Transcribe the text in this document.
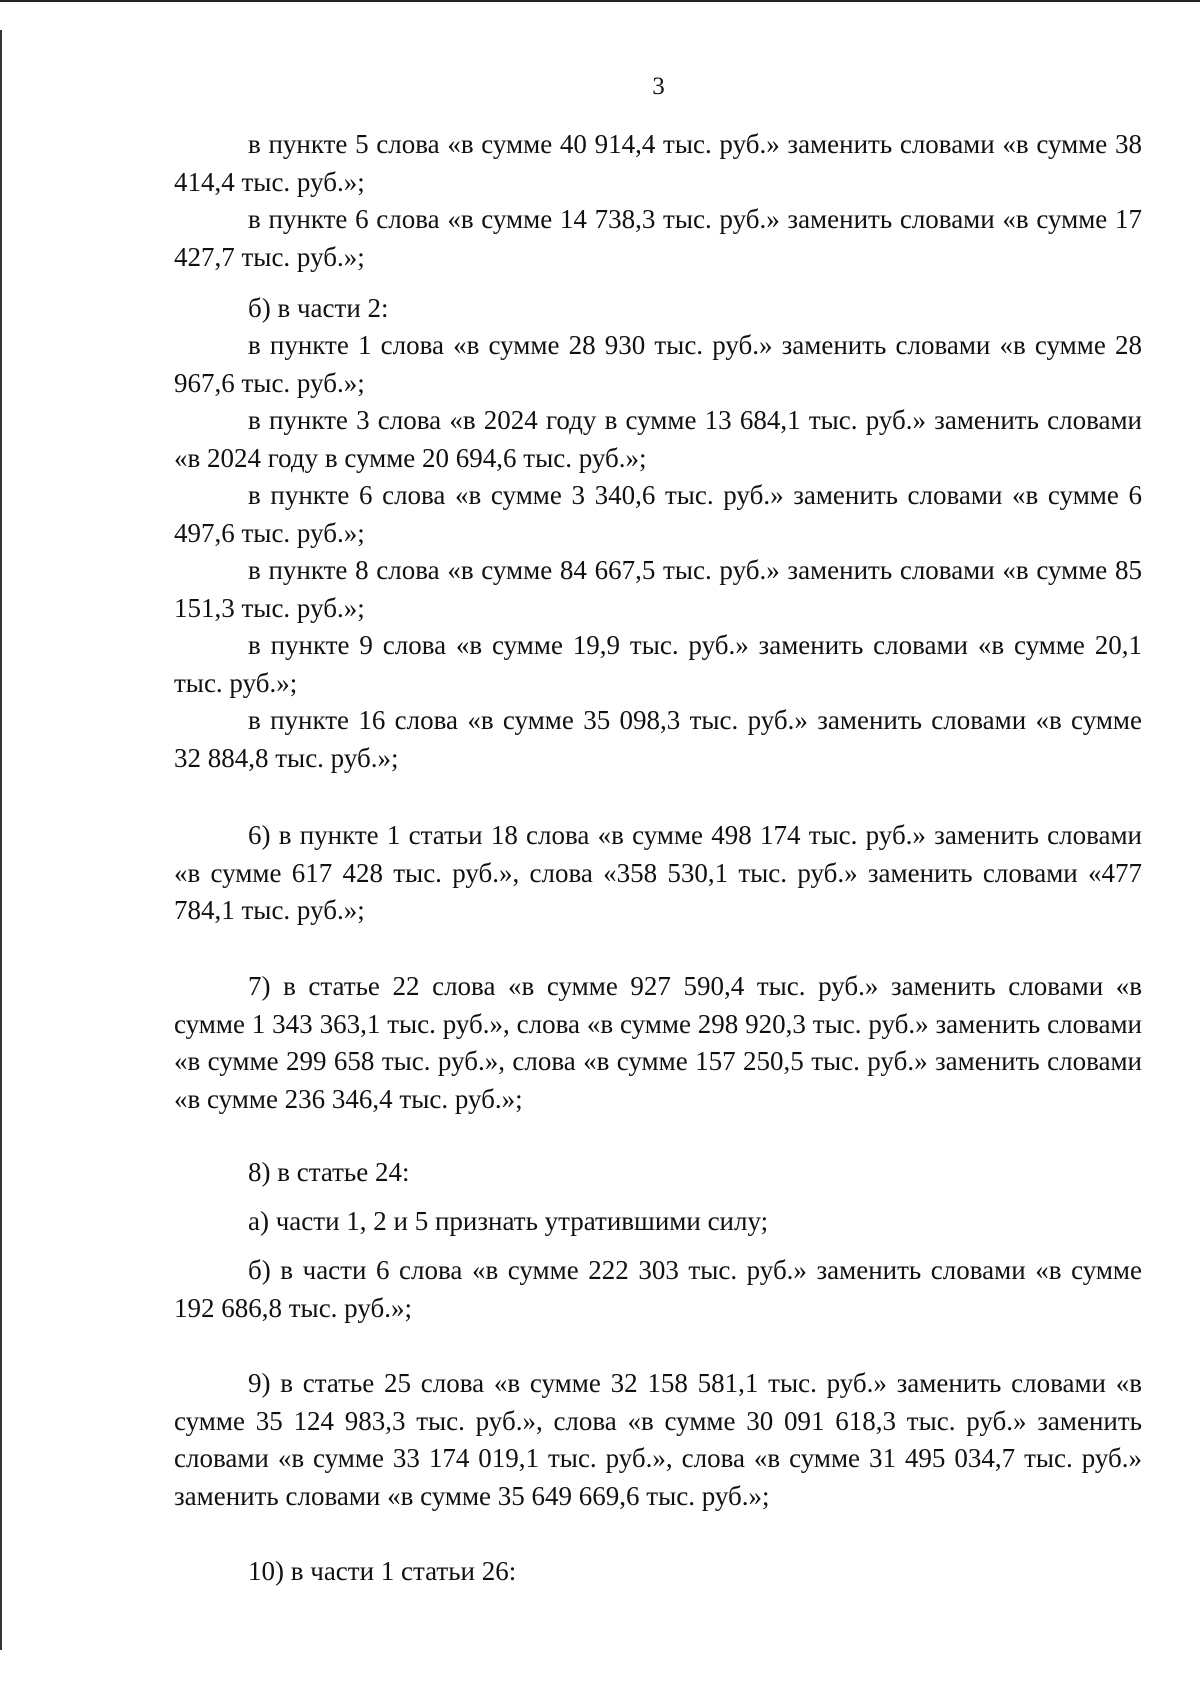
3

в пункте 5 слова «в сумме 40 914,4 тыс. руб.» заменить словами «в сумме 38 414,4 тыс. руб.»;

в пункте 6 слова «в сумме 14 738,3 тыс. руб.» заменить словами «в сумме 17 427,7 тыс. руб.»;

б) в части 2:

в пункте 1 слова «в сумме 28 930 тыс. руб.» заменить словами «в сумме 28 967,6 тыс. руб.»;

в пункте 3 слова «в 2024 году в сумме 13 684,1 тыс. руб.» заменить словами «в 2024 году в сумме 20 694,6 тыс. руб.»;

в пункте 6 слова «в сумме 3 340,6 тыс. руб.» заменить словами «в сумме 6 497,6 тыс. руб.»;

в пункте 8 слова «в сумме 84 667,5 тыс. руб.» заменить словами «в сумме 85 151,3 тыс. руб.»;

в пункте 9 слова «в сумме 19,9 тыс. руб.» заменить словами «в сумме 20,1 тыс. руб.»;

в пункте 16 слова «в сумме 35 098,3 тыс. руб.» заменить словами «в сумме 32 884,8 тыс. руб.»;

6) в пункте 1 статьи 18 слова «в сумме 498 174 тыс. руб.» заменить словами «в сумме 617 428 тыс. руб.», слова «358 530,1 тыс. руб.» заменить словами «477 784,1 тыс. руб.»;

7) в статье 22 слова «в сумме 927 590,4 тыс. руб.» заменить словами «в сумме 1 343 363,1 тыс. руб.», слова «в сумме 298 920,3 тыс. руб.» заменить словами «в сумме 299 658 тыс. руб.», слова «в сумме 157 250,5 тыс. руб.» заменить словами «в сумме 236 346,4 тыс. руб.»;

8) в статье 24:

а) части 1, 2 и 5 признать утратившими силу;

б) в части 6 слова «в сумме 222 303 тыс. руб.» заменить словами «в сумме 192 686,8 тыс. руб.»;

9) в статье 25 слова «в сумме 32 158 581,1 тыс. руб.» заменить словами «в сумме 35 124 983,3 тыс. руб.», слова «в сумме 30 091 618,3 тыс. руб.» заменить словами «в сумме 33 174 019,1 тыс. руб.», слова «в сумме 31 495 034,7 тыс. руб.» заменить словами «в сумме 35 649 669,6 тыс. руб.»;

10) в части 1 статьи 26:
